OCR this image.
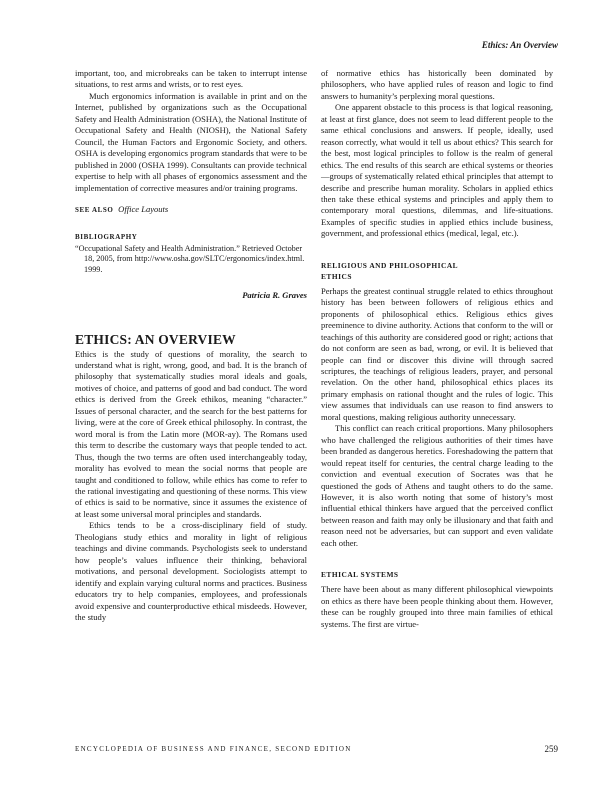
Ethics: An Overview

important, too, and microbreaks can be taken to interrupt intense situations, to rest arms and wrists, or to rest eyes.

Much ergonomics information is available in print and on the Internet, published by organizations such as the Occupational Safety and Health Administration (OSHA), the National Institute of Occupational Safety and Health (NIOSH), the National Safety Council, the Human Factors and Ergonomic Society, and others. OSHA is developing ergonomics program standards that were to be published in 2000 (OSHA 1999). Consultants can provide technical expertise to help with all phases of ergonomics assessment and the implementation of corrective measures and/or training programs.

SEE ALSO Office Layouts
BIBLIOGRAPHY
“Occupational Safety and Health Administration.” Retrieved October 18, 2005, from http://www.osha.gov/SLTC/ergonomics/index.html. 1999.
Patricia R. Graves
ETHICS: AN OVERVIEW

Ethics is the study of questions of morality, the search to understand what is right, wrong, good, and bad. It is the branch of philosophy that systematically studies moral ideals and goals, motives of choice, and patterns of good and bad conduct. The word ethics is derived from the Greek ethikos, meaning “character.” Issues of personal character, and the search for the best patterns for living, were at the core of Greek ethical philosophy. In contrast, the word moral is from the Latin more (MOR-ay). The Romans used this term to describe the customary ways that people tended to act. Thus, though the two terms are often used interchangeably today, morality has evolved to mean the social norms that people are taught and conditioned to follow, while ethics has come to refer to the rational investigating and questioning of these norms. This view of ethics is said to be normative, since it assumes the existence of at least some universal moral principles and standards.

Ethics tends to be a cross-disciplinary field of study. Theologians study ethics and morality in light of religious teachings and divine commands. Psychologists seek to understand how people’s values influence their thinking, behavioral motivations, and personal development. Sociologists attempt to identify and explain varying cultural norms and practices. Business educators try to help companies, employees, and professionals avoid expensive and counterproductive ethical misdeeds. However, the study

of normative ethics has historically been dominated by philosophers, who have applied rules of reason and logic to find answers to humanity’s perplexing moral questions.

One apparent obstacle to this process is that logical reasoning, at least at first glance, does not seem to lead different people to the same ethical conclusions and answers. If people, ideally, used reason correctly, what would it tell us about ethics? This search for the best, most logical principles to follow is the realm of general ethics. The end results of this search are ethical systems or theories—groups of systematically related ethical principles that attempt to describe and prescribe human morality. Scholars in applied ethics then take these ethical systems and principles and apply them to contemporary moral questions, dilemmas, and life-situations. Examples of specific studies in applied ethics include business, government, and professional ethics (medical, legal, etc.).

RELIGIOUS AND PHILOSOPHICAL
ETHICS

Perhaps the greatest continual struggle related to ethics throughout history has been between followers of religious ethics and proponents of philosophical ethics. Religious ethics gives preeminence to divine authority. Actions that conform to the will or teachings of this authority are considered good or right; actions that do not conform are seen as bad, wrong, or evil. It is believed that people can find or discover this divine will through sacred scriptures, the teachings of religious leaders, prayer, and personal revelation. On the other hand, philosophical ethics places its primary emphasis on rational thought and the rules of logic. This view assumes that individuals can use reason to find answers to moral questions, making religious authority unnecessary.

This conflict can reach critical proportions. Many philosophers who have challenged the religious authorities of their times have been branded as dangerous heretics. Foreshadowing the pattern that would repeat itself for centuries, the central charge leading to the conviction and eventual execution of Socrates was that he questioned the gods of Athens and taught others to do the same. However, it is also worth noting that some of history’s most influential ethical thinkers have argued that the perceived conflict between reason and faith may only be illusionary and that faith and reason need not be adversaries, but can support and even validate each other.

ETHICAL SYSTEMS

There have been about as many different philosophical viewpoints on ethics as there have been people thinking about them. However, these can be roughly grouped into three main families of ethical systems. The first are virtue-

ENCYCLOPEDIA OF BUSINESS AND FINANCE, SECOND EDITION	259
